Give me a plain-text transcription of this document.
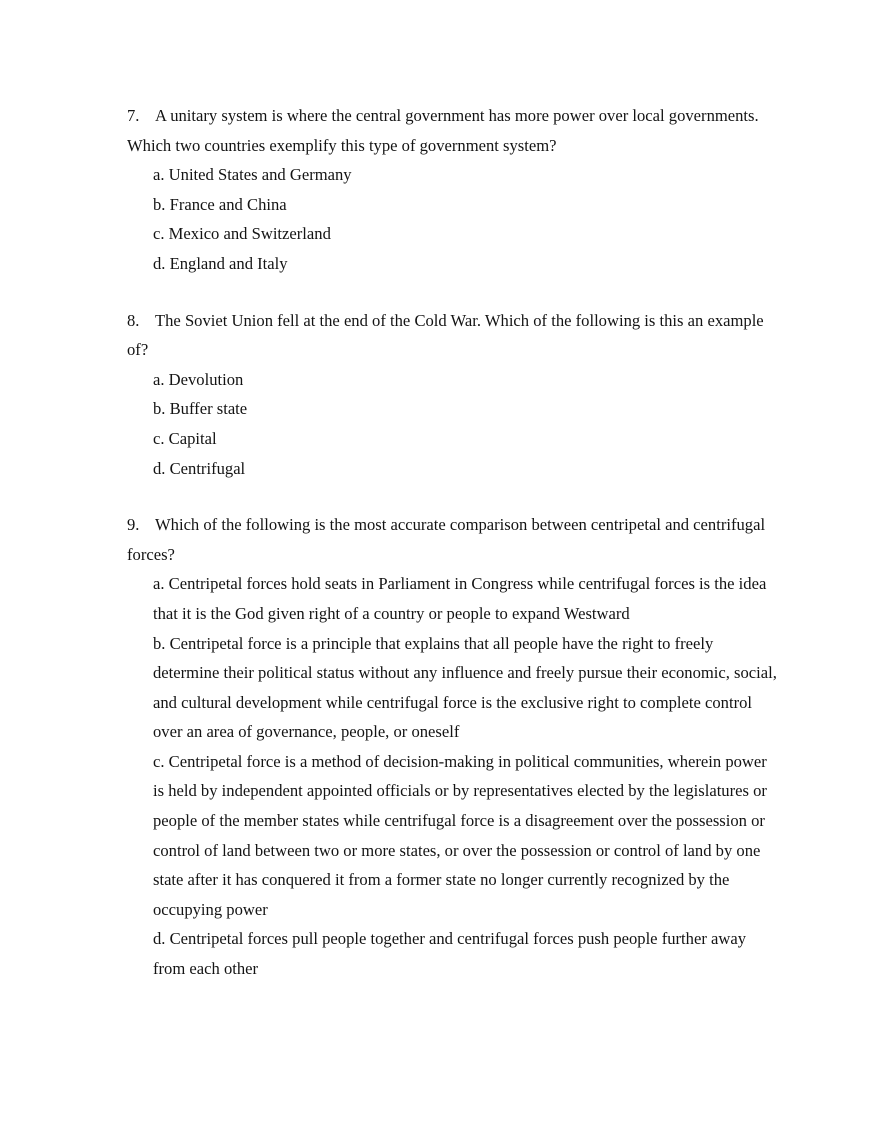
7. A unitary system is where the central government has more power over local governments. Which two countries exemplify this type of government system?

a. United States and Germany
b. France and China
c. Mexico and Switzerland
d. England and Italy

8. The Soviet Union fell at the end of the Cold War. Which of the following is this an example of?

a. Devolution
b. Buffer state
c. Capital
d. Centrifugal

9. Which of the following is the most accurate comparison between centripetal and centrifugal forces?

a. Centripetal forces hold seats in Parliament in Congress while centrifugal forces is the idea that it is the God given right of a country or people to expand Westward
b. Centripetal force is a principle that explains that all people have the right to freely determine their political status without any influence and freely pursue their economic, social, and cultural development while centrifugal force is the exclusive right to complete control over an area of governance, people, or oneself
c. Centripetal force is a method of decision-making in political communities, wherein power is held by independent appointed officials or by representatives elected by the legislatures or people of the member states while centrifugal force is a disagreement over the possession or control of land between two or more states, or over the possession or control of land by one state after it has conquered it from a former state no longer currently recognized by the occupying power
d. Centripetal forces pull people together and centrifugal forces push people further away from each other
